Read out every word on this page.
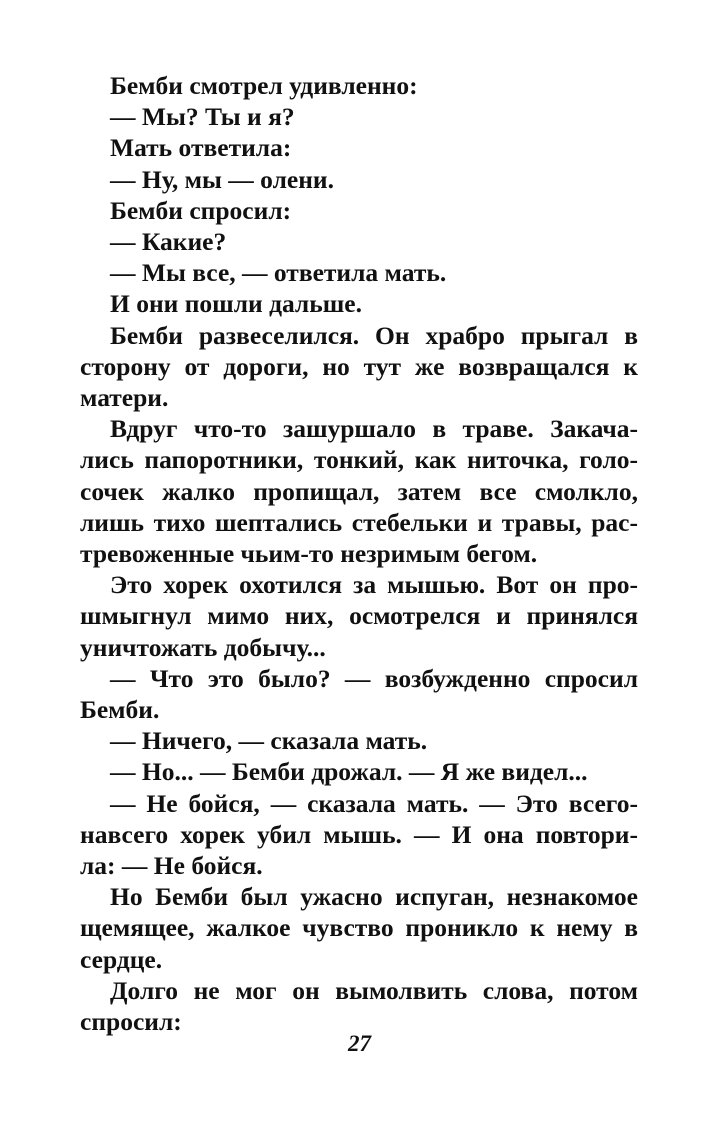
Бемби смотрел удивленно:
— Мы? Ты и я?
Мать ответила:
— Ну, мы — олени.
Бемби спросил:
— Какие?
— Мы все, — ответила мать.
И они пошли дальше.
Бемби развеселился. Он храбро прыгал в
сторону от дороги, но тут же возвращался к
матери.
Вдруг что-то зашуршало в траве. Закача-
лись папоротники, тонкий, как ниточка, голо-
сочек жалко пропищал, затем все смолкло,
лишь тихо шептались стебельки и травы, рас-
тревоженные чьим-то незримым бегом.
Это хорек охотился за мышью. Вот он про-
шмыгнул мимо них, осмотрелся и принялся
уничтожать добычу...
— Что это было? — возбужденно спросил
Бемби.
— Ничего, — сказала мать.
— Но... — Бемби дрожал. — Я же видел...
— Не бойся, — сказала мать. — Это всего-
навсего хорек убил мышь. — И она повтори-
ла: — Не бойся.
Но Бемби был ужасно испуган, незнакомое
щемящее, жалкое чувство проникло к нему в
сердце.
Долго не мог он вымолвить слова, потом
спросил:
27
